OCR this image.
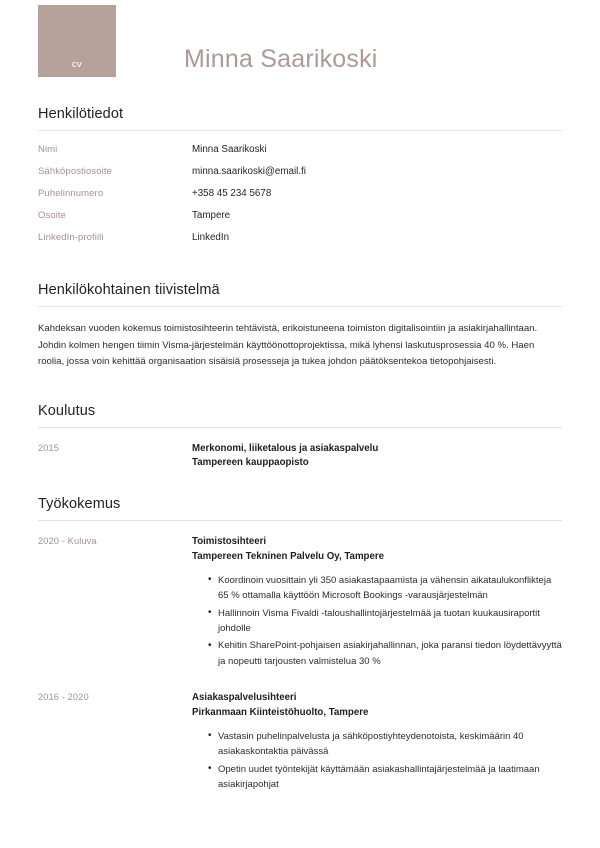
cv	Minna Saarikoski
Henkilötiedot
Nimi	Minna Saarikoski
Sähköpostiosoite	minna.saarikoski@email.fi
Puhelinnumero	+358 45 234 5678
Osoite	Tampere
LinkedIn-profiili	LinkedIn
Henkilökohtainen tiivistelmä

Kahdeksan vuoden kokemus toimistosihteerin tehtävistä, erikoistuneena toimiston digitalisointiin ja asiakirjahallintaan. Johdin kolmen hengen tiimin Visma-järjestelmän käyttöönottoprojektissa, mikä lyhensi laskutusprosessia 40 %. Haen roolia, jossa voin kehittää organisaation sisäisiä prosesseja ja tukea johdon päätöksentekoa tietopohjaisesti.

Koulutus
2015	Merkonomi, liiketalous ja asiakaspalvelu
Tampereen kauppaopisto
Työkokemus
2020 - Kuluva	Toimistosihteeri
Tampereen Tekninen Palvelu Oy, Tampere
• Koordinoin vuosittain yli 350 asiakastapaamista ja vähensin aikataulukonflikteja 65 % ottamalla käyttöön Microsoft Bookings -varausjärjestelmän
• Hallinnoin Visma Fivaldi -taloushallintojärjestelmää ja tuotan kuukausiraportit johdolle
• Kehitin SharePoint-pohjaisen asiakirjahallinnan, joka paransi tiedon löydettävyyttä ja nopeutti tarjousten valmistelua 30 %
2016 - 2020	Asiakaspalvelusihteeri
Pirkanmaan Kiinteistöhuolto, Tampere
• Vastasin puhelinpalvelusta ja sähköpostiyhteydenotoista, keskimäärin 40 asiakaskontaktia päivässä
• Opetin uudet työntekijät käyttämään asiakashallintajärjestelmää ja laatimaan asiakirjapohjat
